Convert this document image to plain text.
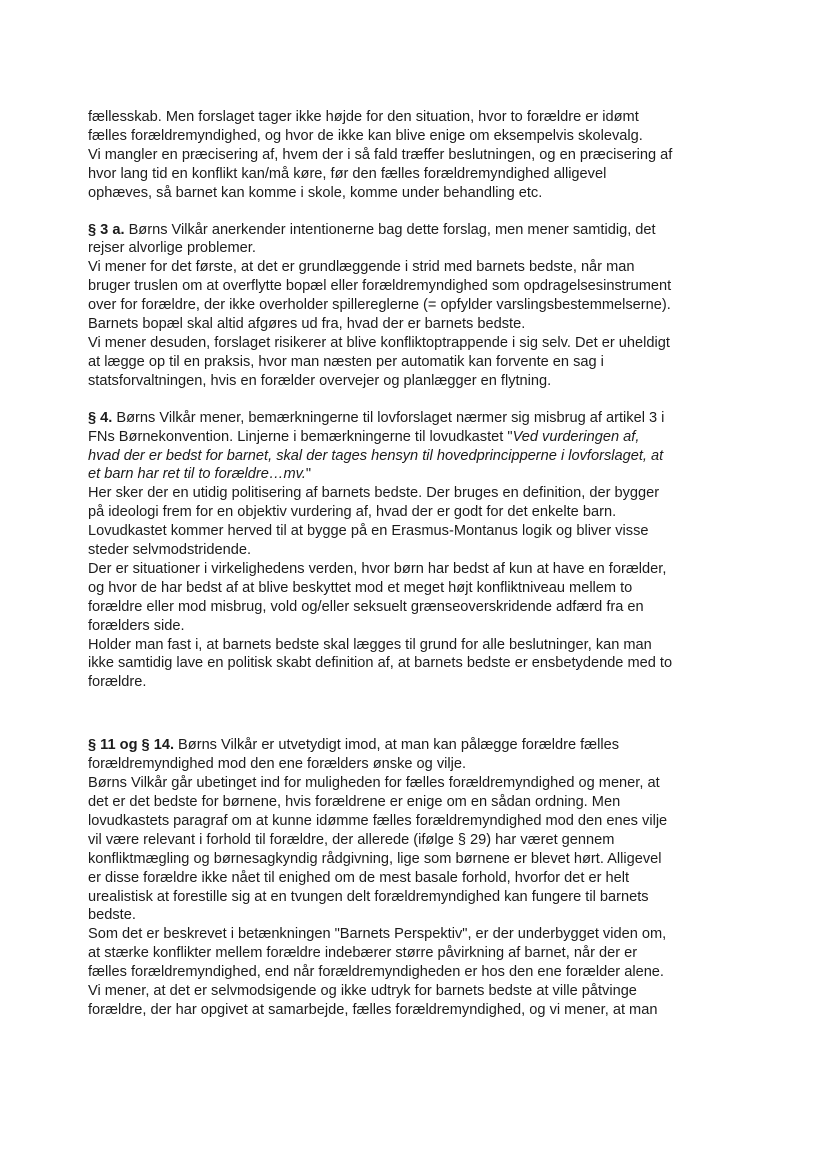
fællesskab. Men forslaget tager ikke højde for den situation, hvor to forældre er idømt
fælles forældremyndighed, og hvor de ikke kan blive enige om eksempelvis skolevalg.
Vi mangler en præcisering af, hvem der i så fald træffer beslutningen, og en præcisering af
hvor lang tid en konflikt kan/må køre, før den fælles forældremyndighed alligevel
ophæves, så barnet kan komme i skole, komme under behandling etc.
§ 3 a. Børns Vilkår anerkender intentionerne bag dette forslag, men mener samtidig, det
rejser alvorlige problemer.
Vi mener for det første, at det er grundlæggende i strid med barnets bedste, når man
bruger truslen om at overflytte bopæl eller forældremyndighed som opdragelsesinstrument
over for forældre, der ikke overholder spillereglerne (= opfylder varslingsbestemmelserne).
Barnets bopæl skal altid afgøres ud fra, hvad der er barnets bedste.
Vi mener desuden, forslaget risikerer at blive konfliktoptrappende i sig selv. Det er uheldigt
at lægge op til en praksis, hvor man næsten per automatik kan forvente en sag i
statsforvaltningen, hvis en forælder overvejer og planlægger en flytning.
§ 4. Børns Vilkår mener, bemærkningerne til lovforslaget nærmer sig misbrug af artikel 3 i
FNs Børnekonvention. Linjerne i bemærkningerne til lovudkastet "Ved vurderingen af,
hvad der er bedst for barnet, skal der tages hensyn til hovedprincipperne i lovforslaget, at
et barn har ret til to forældre…mv."
Her sker der en utidig politisering af barnets bedste. Der bruges en definition, der bygger
på ideologi frem for en objektiv vurdering af, hvad der er godt for det enkelte barn.
Lovudkastet kommer herved til at bygge på en Erasmus-Montanus logik og bliver visse
steder selvmodstridende.
Der er situationer i virkelighedens verden, hvor børn har bedst af kun at have en forælder,
og hvor de har bedst af at blive beskyttet mod et meget højt konfliktniveau mellem to
forældre eller mod misbrug, vold og/eller seksuelt grænseoverskridende adfærd fra en
forælders side.
Holder man fast i, at barnets bedste skal lægges til grund for alle beslutninger, kan man
ikke samtidig lave en politisk skabt definition af, at barnets bedste er ensbetydende med to
forældre.
§ 11 og § 14. Børns Vilkår er utvetydigt imod, at man kan pålægge forældre fælles
forældremyndighed mod den ene forælders ønske og vilje.
Børns Vilkår går ubetinget ind for muligheden for fælles forældremyndighed og mener, at
det er det bedste for børnene, hvis forældrene er enige om en sådan ordning. Men
lovudkastets paragraf om at kunne idømme fælles forældremyndighed mod den enes vilje
vil være relevant i forhold til forældre, der allerede (ifølge § 29) har været gennem
konfliktmægling og børnesagkyndig rådgivning, lige som børnene er blevet hørt. Alligevel
er disse forældre ikke nået til enighed om de mest basale forhold, hvorfor det er helt
urealistisk at forestille sig at en tvungen delt forældremyndighed kan fungere til barnets
bedste.
Som det er beskrevet i betænkningen "Barnets Perspektiv", er der underbygget viden om,
at stærke konflikter mellem forældre indebærer større påvirkning af barnet, når der er
fælles forældremyndighed, end når forældremyndigheden er hos den ene forælder alene.
Vi mener, at det er selvmodsigende og ikke udtryk for barnets bedste at ville påtvinge
forældre, der har opgivet at samarbejde, fælles forældremyndighed, og vi mener, at man
